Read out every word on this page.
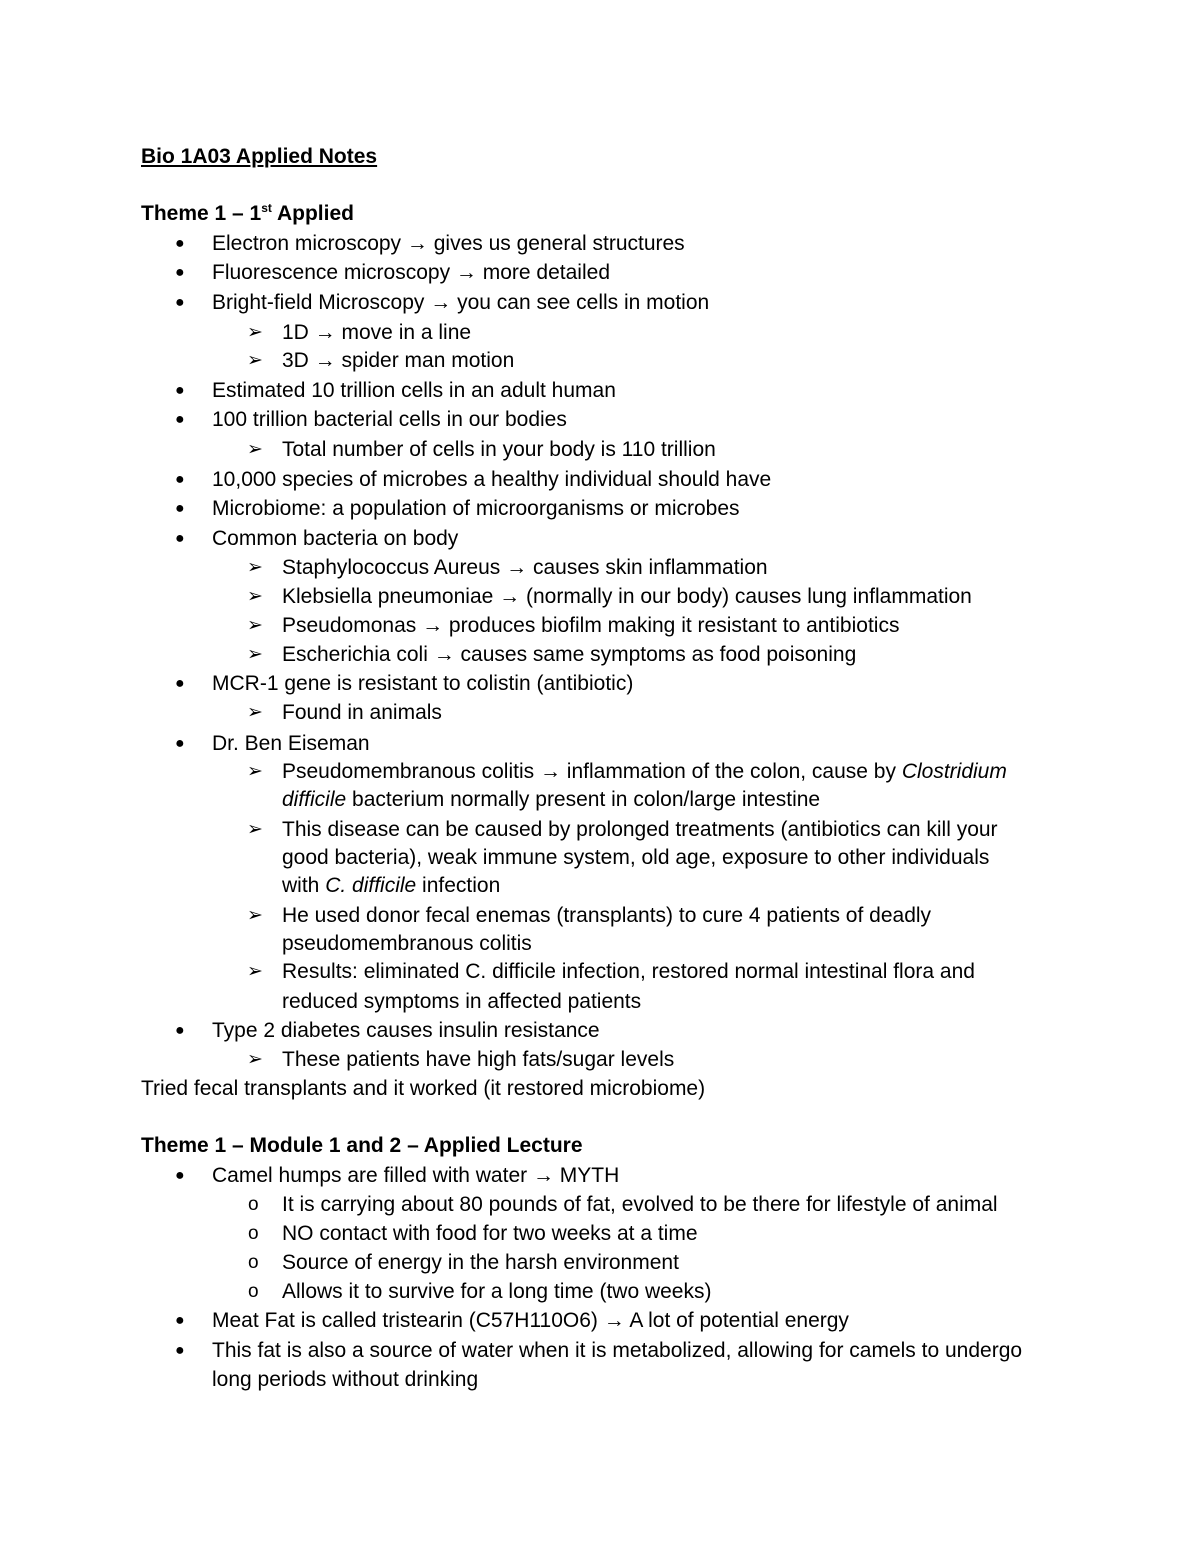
Bio 1A03 Applied Notes
Theme 1 – 1st Applied
●
●
●
➢
➢
●
●
➢
●
●
●
➢
➢
➢
➢
●
➢
●
➢
➢
➢
➢
●
➢
Electron microscopy → gives us general structures
Fluorescence microscopy → more detailed
Bright-field Microscopy → you can see cells in motion
1D → move in a line
3D → spider man motion
Estimated 10 trillion cells in an adult human
100 trillion bacterial cells in our bodies
Total number of cells in your body is 110 trillion
10,000 species of microbes a healthy individual should have
Microbiome: a population of microorganisms or microbes
Common bacteria on body
Staphylococcus Aureus → causes skin inflammation
Klebsiella pneumoniae → (normally in our body) causes lung inflammation
Pseudomonas → produces biofilm making it resistant to antibiotics
Escherichia coli → causes same symptoms as food poisoning
MCR-1 gene is resistant to colistin (antibiotic)
Found in animals
Dr. Ben Eiseman
Pseudomembranous colitis → inflammation of the colon, cause by Clostridium
difficile bacterium normally present in colon/large intestine
This disease can be caused by prolonged treatments (antibiotics can kill your
good bacteria), weak immune system, old age, exposure to other individuals
with C. difficile infection
He used donor fecal enemas (transplants) to cure 4 patients of deadly
pseudomembranous colitis
Results: eliminated C. difficile infection, restored normal intestinal flora and
reduced symptoms in affected patients
Type 2 diabetes causes insulin resistance
These patients have high fats/sugar levels
Tried fecal transplants and it worked (it restored microbiome)
Theme 1 – Module 1 and 2 – Applied Lecture
●
o
o
o
o
●
●
Camel humps are filled with water → MYTH
It is carrying about 80 pounds of fat, evolved to be there for lifestyle of animal
NO contact with food for two weeks at a time
Source of energy in the harsh environment
Allows it to survive for a long time (two weeks)
Meat Fat is called tristearin (C57H110O6) → A lot of potential energy
This fat is also a source of water when it is metabolized, allowing for camels to undergo
long periods without drinking
